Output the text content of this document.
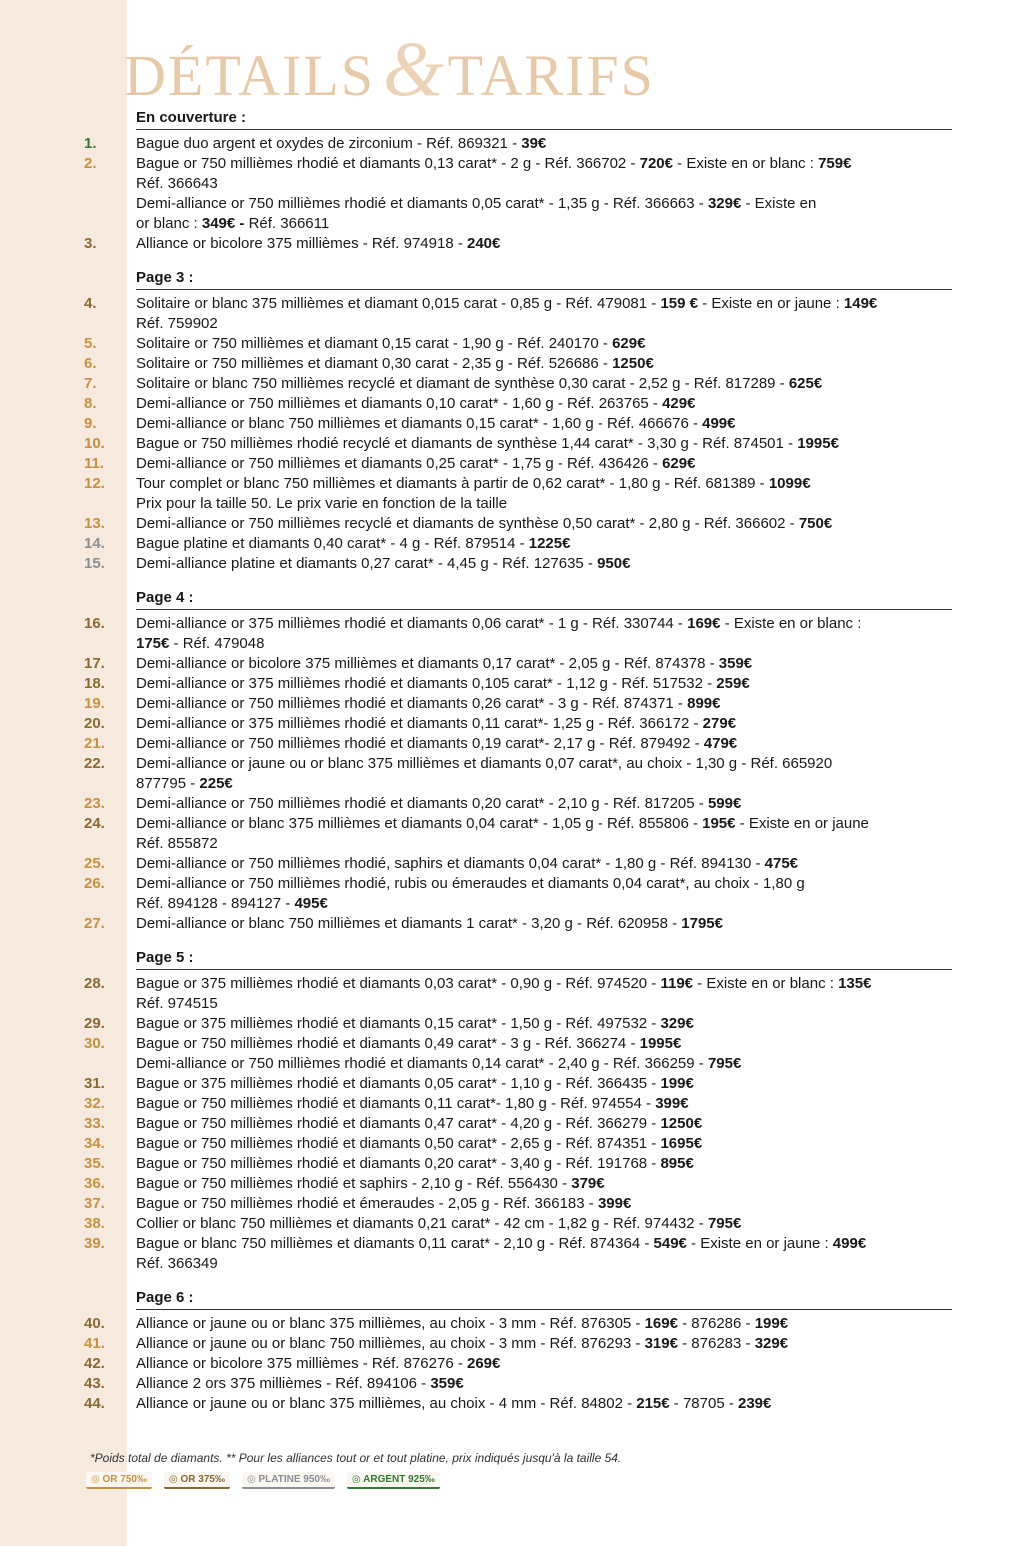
DÉTAILS &TARIFS
En couverture :
1.	Bague duo argent et oxydes de zirconium - Réf. 869321 - 39€
2.	Bague or 750 millièmes rhodié et diamants 0,13 carat* - 2 g - Réf. 366702 - 720€ - Existe en or blanc : 759€
Réf. 366643
Demi-alliance or 750 millièmes rhodié et diamants 0,05 carat* - 1,35 g - Réf. 366663 - 329€ - Existe en
or blanc : 349€ - Réf. 366611
3.	Alliance or bicolore 375 millièmes - Réf. 974918 - 240€
Page 3 :
4.	Solitaire or blanc 375 millièmes et diamant 0,015 carat - 0,85 g - Réf. 479081 - 159 € - Existe en or jaune : 149€
Réf. 759902
5.	Solitaire or 750 millièmes et diamant 0,15 carat - 1,90 g - Réf. 240170 - 629€
6.	Solitaire or 750 millièmes et diamant 0,30 carat - 2,35 g - Réf. 526686 - 1250€
7.	Solitaire or blanc 750 millièmes recyclé et diamant de synthèse 0,30 carat - 2,52 g - Réf. 817289 - 625€
8.	Demi-alliance or 750 millièmes et diamants 0,10 carat* - 1,60 g - Réf. 263765 - 429€
9.	Demi-alliance or blanc 750 millièmes et diamants 0,15 carat* - 1,60 g - Réf. 466676 - 499€
10.	Bague or 750 millièmes rhodié recyclé et diamants de synthèse 1,44 carat* - 3,30 g - Réf. 874501 - 1995€
11.	Demi-alliance or 750 millièmes et diamants 0,25 carat* - 1,75 g - Réf. 436426 - 629€
12.	Tour complet or blanc 750 millièmes et diamants à partir de 0,62 carat* - 1,80 g - Réf. 681389 - 1099€
Prix pour la taille 50. Le prix varie en fonction de la taille
13.	Demi-alliance or 750 millièmes recyclé et diamants de synthèse 0,50 carat* - 2,80 g - Réf. 366602 - 750€
14.	Bague platine et diamants 0,40 carat* - 4 g - Réf. 879514 - 1225€
15.	Demi-alliance platine et diamants 0,27 carat* - 4,45 g - Réf. 127635 - 950€
Page 4 :
16.	Demi-alliance or 375 millièmes rhodié et diamants 0,06 carat* - 1 g - Réf. 330744 - 169€ - Existe en or blanc :
175€ - Réf. 479048
17.	Demi-alliance or bicolore 375 millièmes et diamants 0,17 carat* - 2,05 g - Réf. 874378 - 359€
18.	Demi-alliance or 375 millièmes rhodié et diamants 0,105 carat* - 1,12 g - Réf. 517532 - 259€
19.	Demi-alliance or 750 millièmes rhodié et diamants 0,26 carat* - 3 g - Réf. 874371 - 899€
20.	Demi-alliance or 375 millièmes rhodié et diamants 0,11 carat*- 1,25 g - Réf. 366172 - 279€
21.	Demi-alliance or 750 millièmes rhodié et diamants 0,19 carat*- 2,17 g - Réf. 879492 - 479€
22.	Demi-alliance or jaune ou or blanc 375 millièmes et diamants 0,07 carat*, au choix - 1,30 g - Réf. 665920
877795 - 225€
23.	Demi-alliance or 750 millièmes rhodié et diamants 0,20 carat* - 2,10 g - Réf. 817205 - 599€
24.	Demi-alliance or blanc 375 millièmes et diamants 0,04 carat* - 1,05 g - Réf. 855806 - 195€ - Existe en or jaune
Réf. 855872
25.	Demi-alliance or 750 millièmes rhodié, saphirs et diamants 0,04 carat* - 1,80 g - Réf. 894130 - 475€
26.	Demi-alliance or 750 millièmes rhodié, rubis ou émeraudes et diamants 0,04 carat*, au choix - 1,80 g
Réf. 894128 - 894127 - 495€
27.	Demi-alliance or blanc 750 millièmes et diamants 1 carat* - 3,20 g - Réf. 620958 - 1795€
Page 5 :
28.	Bague or 375 millièmes rhodié et diamants 0,03 carat* - 0,90 g - Réf. 974520 - 119€ - Existe en or blanc : 135€
Réf. 974515
29.	Bague or 375 millièmes rhodié et diamants 0,15 carat* - 1,50 g - Réf. 497532 - 329€
30.	Bague or 750 millièmes rhodié et diamants 0,49 carat* - 3 g - Réf. 366274 - 1995€
Demi-alliance or 750 millièmes rhodié et diamants 0,14 carat* - 2,40 g - Réf. 366259 - 795€
31.	Bague or 375 millièmes rhodié et diamants 0,05 carat* - 1,10 g - Réf. 366435 - 199€
32.	Bague or 750 millièmes rhodié et diamants 0,11 carat*- 1,80 g - Réf. 974554 - 399€
33.	Bague or 750 millièmes rhodié et diamants 0,47 carat* - 4,20 g - Réf. 366279 - 1250€
34.	Bague or 750 millièmes rhodié et diamants 0,50 carat* - 2,65 g - Réf. 874351 - 1695€
35.	Bague or 750 millièmes rhodié et diamants 0,20 carat* - 3,40 g - Réf. 191768 - 895€
36.	Bague or 750 millièmes rhodié et saphirs - 2,10 g - Réf. 556430 - 379€
37.	Bague or 750 millièmes rhodié et émeraudes - 2,05 g - Réf. 366183 - 399€
38.	Collier or blanc 750 millièmes et diamants 0,21 carat* - 42 cm - 1,82 g - Réf. 974432 - 795€
39.	Bague or blanc 750 millièmes et diamants 0,11 carat* - 2,10 g - Réf. 874364 - 549€ - Existe en or jaune : 499€
Réf. 366349
Page 6 :
40.	Alliance or jaune ou or blanc 375 millièmes, au choix - 3 mm - Réf. 876305 - 169€ - 876286 - 199€
41.	Alliance or jaune ou or blanc 750 millièmes, au choix - 3 mm - Réf. 876293 - 319€ - 876283 - 329€
42.	Alliance or bicolore 375 millièmes - Réf. 876276 - 269€
43.	Alliance 2 ors 375 millièmes - Réf. 894106 - 359€
44.	Alliance or jaune ou or blanc 375 millièmes, au choix - 4 mm - Réf. 84802 - 215€ - 78705 - 239€
*Poids total de diamants. ** Pour les alliances tout or et tout platine, prix indiqués jusqu'à la taille 54.
◎ OR 750‰	◎ OR 375‰	◎ PLATINE 950‰	◎ ARGENT 925‰
